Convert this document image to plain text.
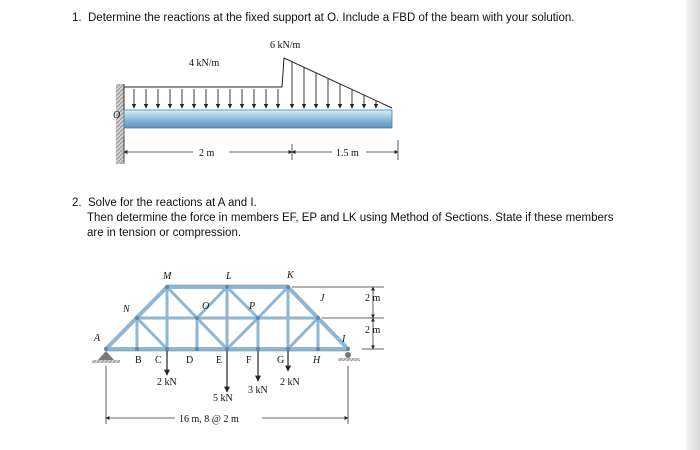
1. Determine the reactions at the fixed support at O. Include a FBD of the beam with your solution.
2. Solve for the reactions at A and I.
Then determine the force in members EF, EP and LK using Method of Sections. State if these members
are in tension or compression.
O
4 kN/m
6 kN/m
2 m	1.5 m
A
B C D E F	G	H
I
M	L	K
N	O	P
J
2 kN
5 kN
3 kN
2 kN
2 m
2 m
16 m, 8 @ 2 m
